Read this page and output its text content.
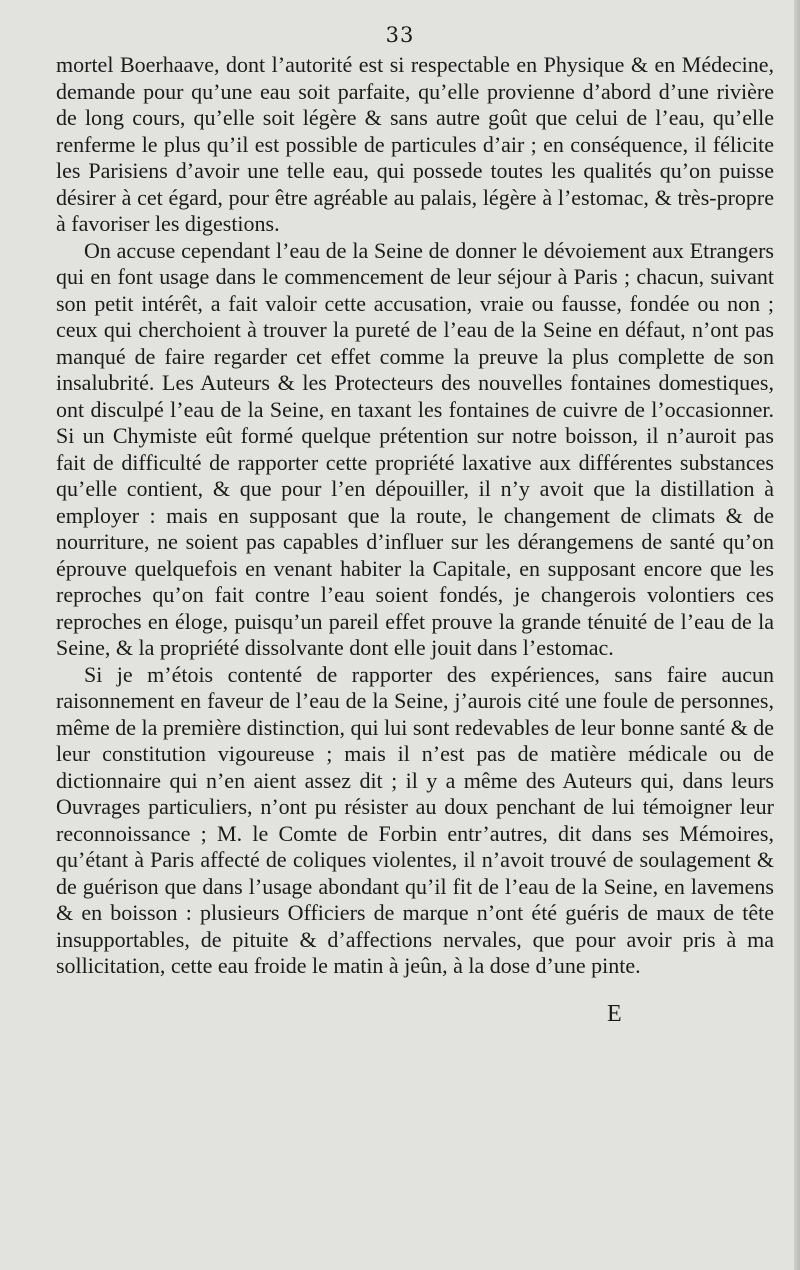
33

mortel Boerhaave, dont l’autorité est si respectable en Physique & en Médecine, demande pour qu’une eau soit parfaite, qu’elle provienne d’abord d’une rivière de long cours, qu’elle soit légère & sans autre goût que celui de l’eau, qu’elle renferme le plus qu’il est possible de particules d’air ; en conséquence, il félicite les Parisiens d’avoir une telle eau, qui possede toutes les qualités qu’on puisse désirer à cet égard, pour être agréable au palais, légère à l’estomac, & très-propre à favoriser les digestions.

On accuse cependant l’eau de la Seine de donner le dévoiement aux Etrangers qui en font usage dans le commencement de leur séjour à Paris ; chacun, suivant son petit intérêt, a fait valoir cette accusation, vraie ou fausse, fondée ou non ; ceux qui cherchoient à trouver la pureté de l’eau de la Seine en défaut, n’ont pas manqué de faire regarder cet effet comme la preuve la plus complette de son insalubrité. Les Auteurs & les Protecteurs des nouvelles fontaines domestiques, ont disculpé l’eau de la Seine, en taxant les fontaines de cuivre de l’occasionner. Si un Chymiste eût formé quelque prétention sur notre boisson, il n’auroit pas fait de difficulté de rapporter cette propriété laxative aux différentes substances qu’elle contient, & que pour l’en dépouiller, il n’y avoit que la distillation à employer : mais en supposant que la route, le changement de climats & de nourriture, ne soient pas capables d’influer sur les dérangemens de santé qu’on éprouve quelquefois en venant habiter la Capitale, en supposant encore que les reproches qu’on fait contre l’eau soient fondés, je changerois volontiers ces reproches en éloge, puisqu’un pareil effet prouve la grande ténuité de l’eau de la Seine, & la propriété dissolvante dont elle jouit dans l’estomac.

Si je m’étois contenté de rapporter des expériences, sans faire aucun raisonnement en faveur de l’eau de la Seine, j’aurois cité une foule de personnes, même de la première distinction, qui lui sont redevables de leur bonne santé & de leur constitution vigoureuse ; mais il n’est pas de matière médicale ou de dictionnaire qui n’en aient assez dit ; il y a même des Auteurs qui, dans leurs Ouvrages particuliers, n’ont pu résister au doux penchant de lui témoigner leur reconnoissance ; M. le Comte de Forbin entr’autres, dit dans ses Mémoires, qu’étant à Paris affecté de coliques violentes, il n’avoit trouvé de soulagement & de guérison que dans l’usage abondant qu’il fit de l’eau de la Seine, en lavemens & en boisson : plusieurs Officiers de marque n’ont été guéris de maux de tête insupportables, de pituite & d’affections nervales, que pour avoir pris à ma sollicitation, cette eau froide le matin à jeûn, à la dose d’une pinte.

E
